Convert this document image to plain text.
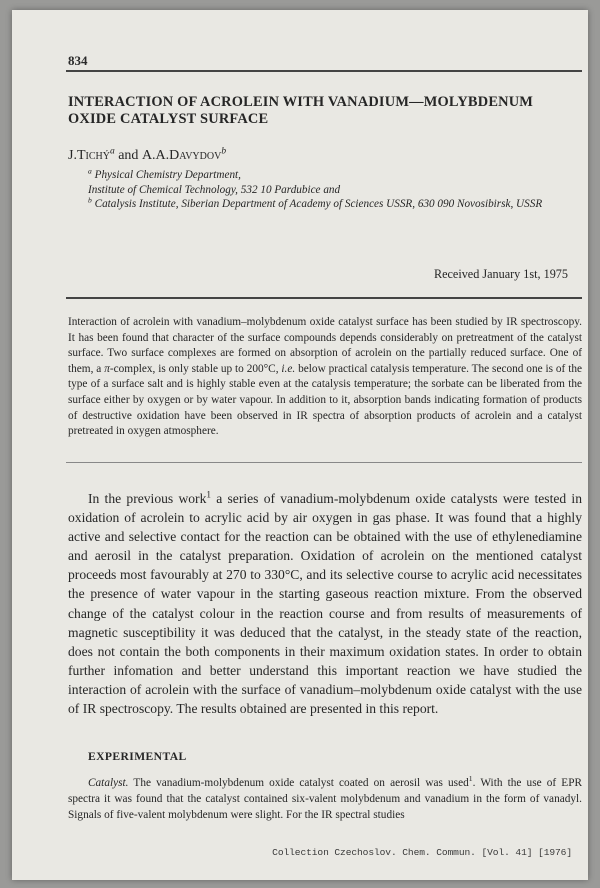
834
INTERACTION OF ACROLEIN WITH VANADIUM—MOLYBDENUM OXIDE CATALYST SURFACE
J.Tichý$^a$ and A.A.Davydov$^b$
$^a$ Physical Chemistry Department,
Institute of Chemical Technology, 532 10 Pardubice and
$^b$ Catalysis Institute, Siberian Department of Academy of Sciences USSR, 630 090 Novosibirsk, USSR
Received January 1st, 1975
Interaction of acrolein with vanadium–molybdenum oxide catalyst surface has been studied by IR spectroscopy. It has been found that character of the surface compounds depends considerably on pretreatment of the catalyst surface. Two surface complexes are formed on absorption of acrolein on the partially reduced surface. One of them, a π-complex, is only stable up to 200°C, i.e. below practical catalysis temperature. The second one is of the type of a surface salt and is highly stable even at the catalysis temperature; the sorbate can be liberated from the surface either by oxygen or by water vapour. In addition to it, absorption bands indicating formation of products of destructive oxidation have been observed in IR spectra of absorption products of acrolein and a catalyst pretreated in oxygen atmosphere.
In the previous work$^1$ a series of vanadium-molybdenum oxide catalysts were tested in oxidation of acrolein to acrylic acid by air oxygen in gas phase. It was found that a highly active and selective contact for the reaction can be obtained with the use of ethylenediamine and aerosil in the catalyst preparation. Oxidation of acrolein on the mentioned catalyst proceeds most favourably at 270 to 330°C, and its selective course to acrylic acid necessitates the presence of water vapour in the starting gaseous reaction mixture. From the observed change of the catalyst colour in the reaction course and from results of measurements of magnetic susceptibility it was deduced that the catalyst, in the steady state of the reaction, does not contain the both components in their maximum oxidation states. In order to obtain further infomation and better understand this important reaction we have studied the interaction of acrolein with the surface of vanadium–molybdenum oxide catalyst with the use of IR spectroscopy. The results obtained are presented in this report.
EXPERIMENTAL
Catalyst. The vanadium-molybdenum oxide catalyst coated on aerosil was used$^1$. With the use of EPR spectra it was found that the catalyst contained six-valent molybdenum and vanadium in the form of vanadyl. Signals of five-valent molybdenum were slight. For the IR spectral studies
Collection Czechoslov. Chem. Commun. [Vol. 41] [1976]
